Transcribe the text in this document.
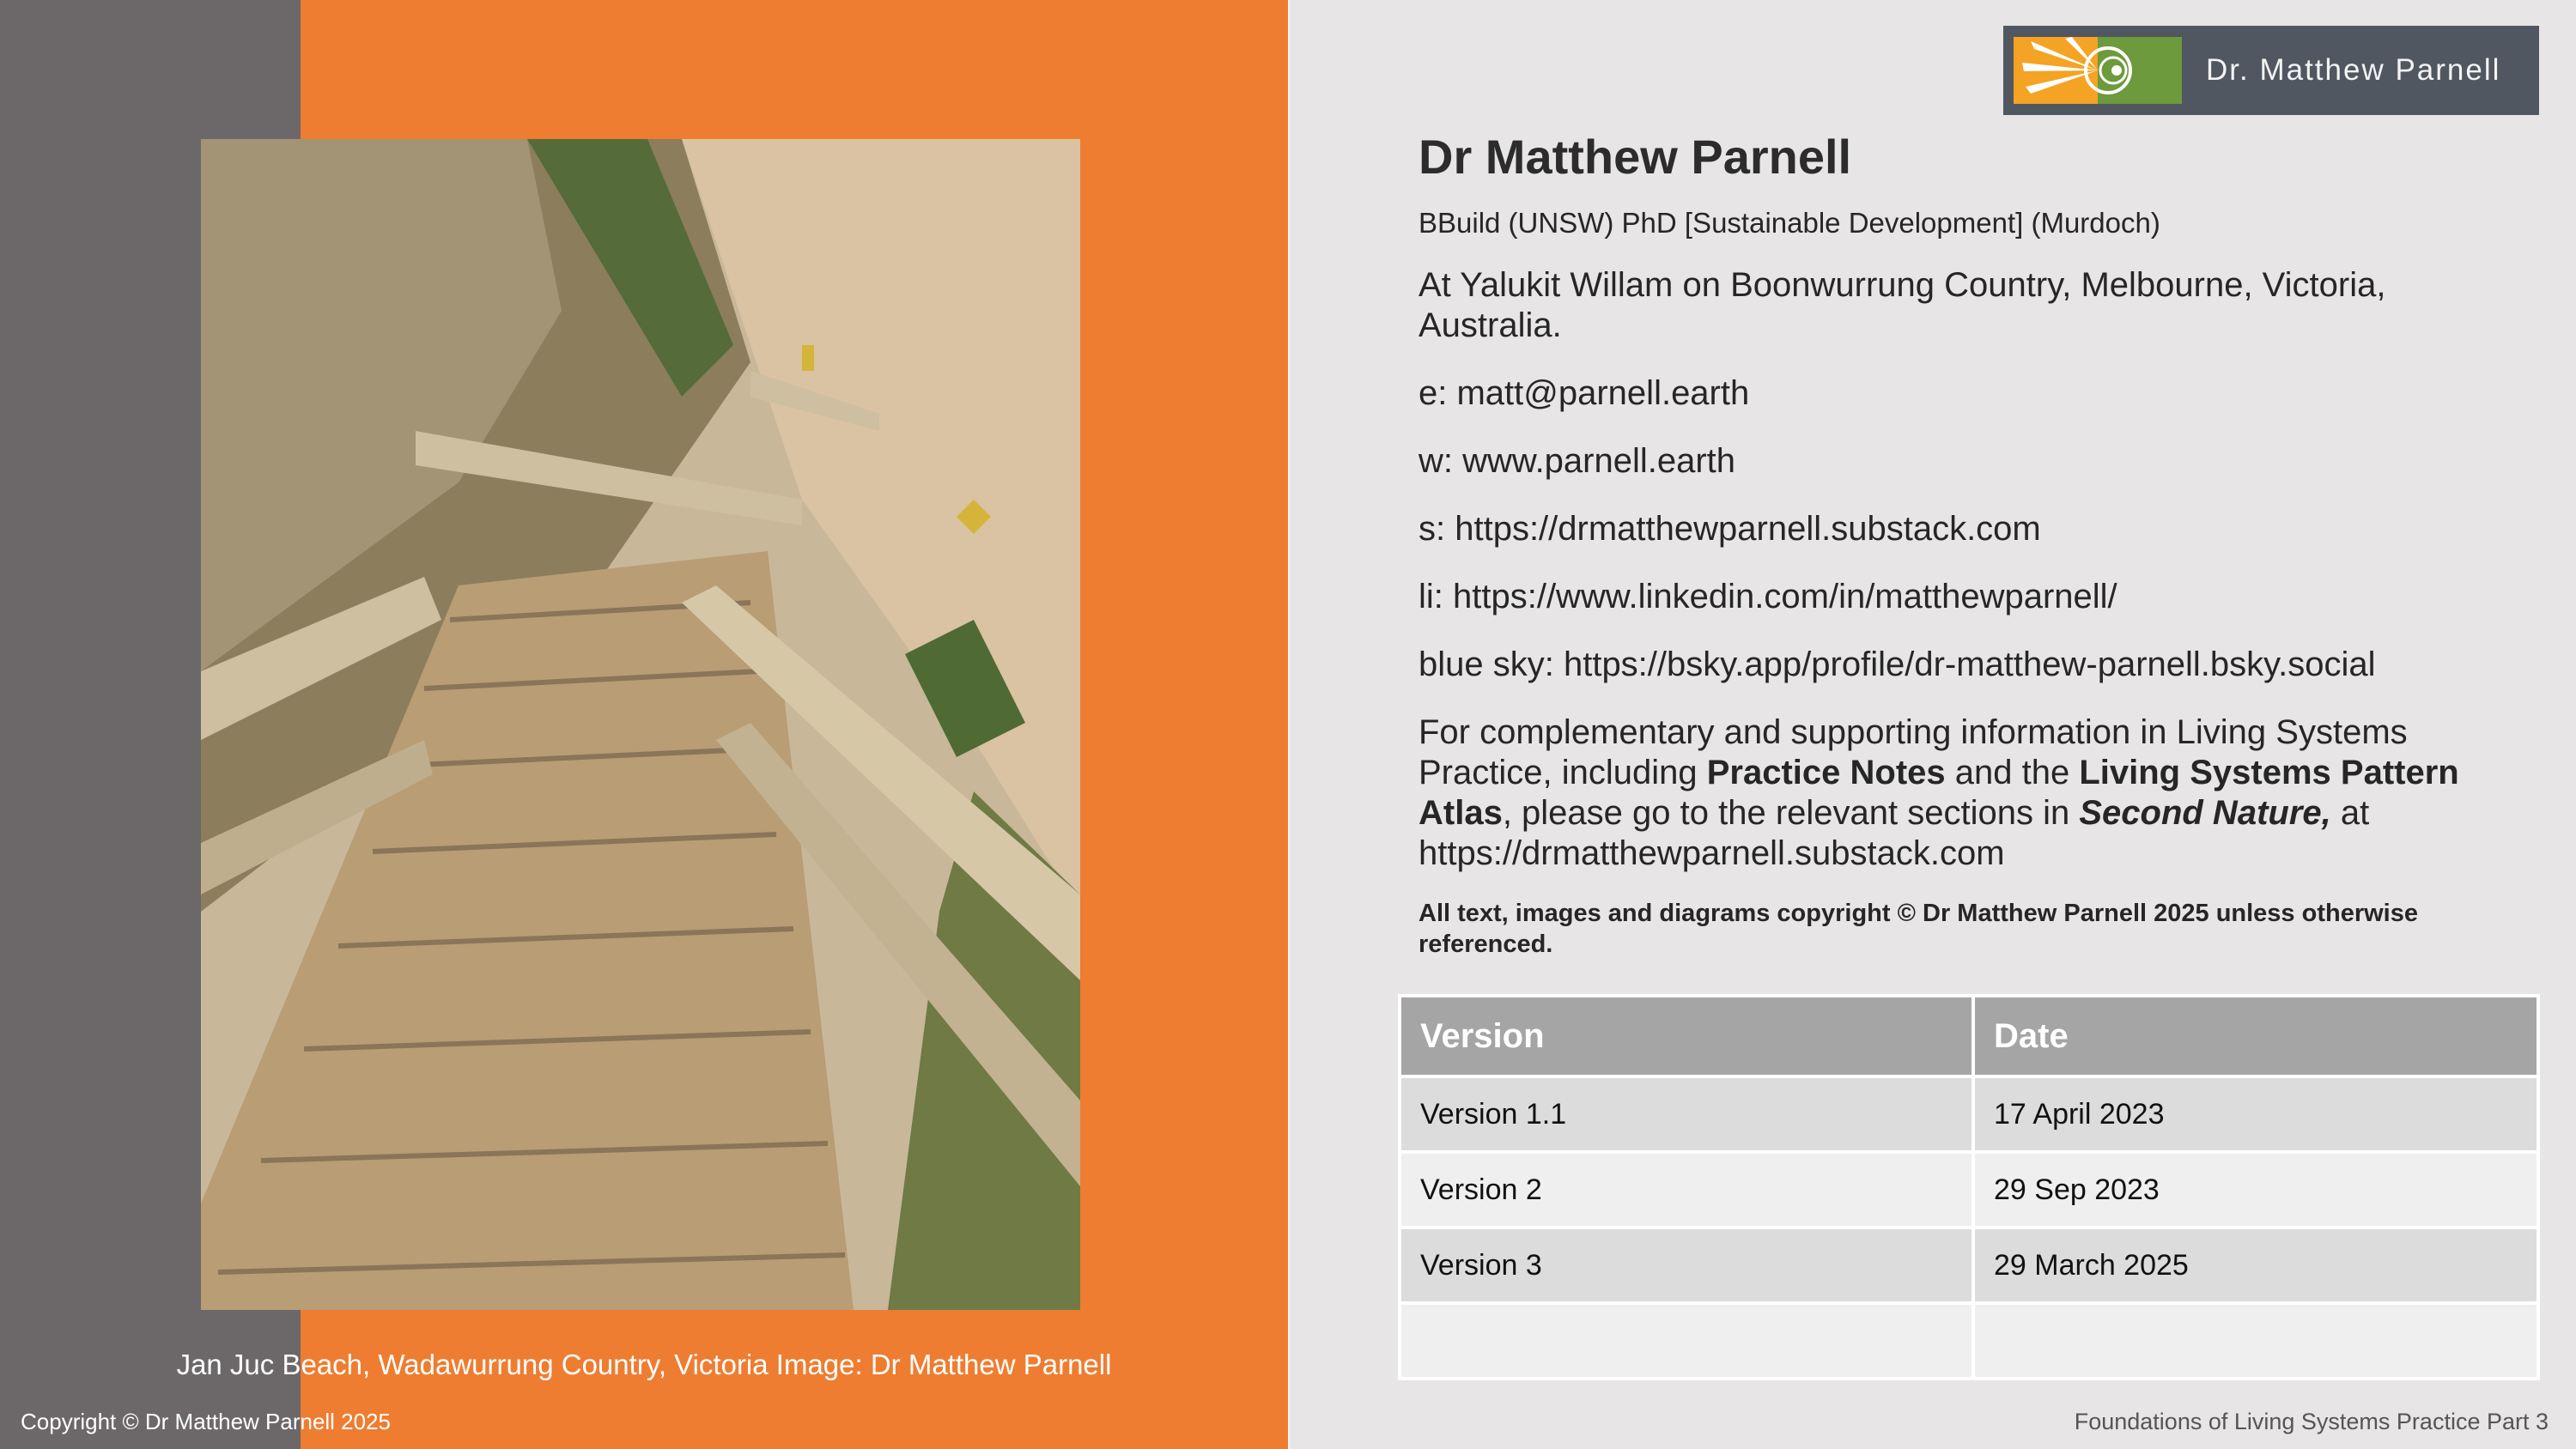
Jan Juc Beach, Wadawurrung Country, Victoria Image: Dr Matthew Parnell
Copyright © Dr Matthew Parnell 2025	Foundations of Living Systems Practice Part 3
Dr. Matthew Parnell
Dr Matthew Parnell
BBuild (UNSW) PhD [Sustainable Development] (Murdoch)
At Yalukit Willam on Boonwurrung Country, Melbourne, Victoria, Australia.
e: matt@parnell.earth
w: www.parnell.earth
s: https://drmatthewparnell.substack.com
li: https://www.linkedin.com/in/matthewparnell/
blue sky: https://bsky.app/profile/dr-matthew-parnell.bsky.social
For complementary and supporting information in Living Systems Practice, including Practice Notes and the Living Systems Pattern Atlas, please go to the relevant sections in Second Nature, at https://drmatthewparnell.substack.com
All text, images and diagrams copyright © Dr Matthew Parnell 2025 unless otherwise referenced.
Version	Date
Version 1.1	17 April 2023
Version 2	29 Sep 2023
Version 3	29 March 2025
